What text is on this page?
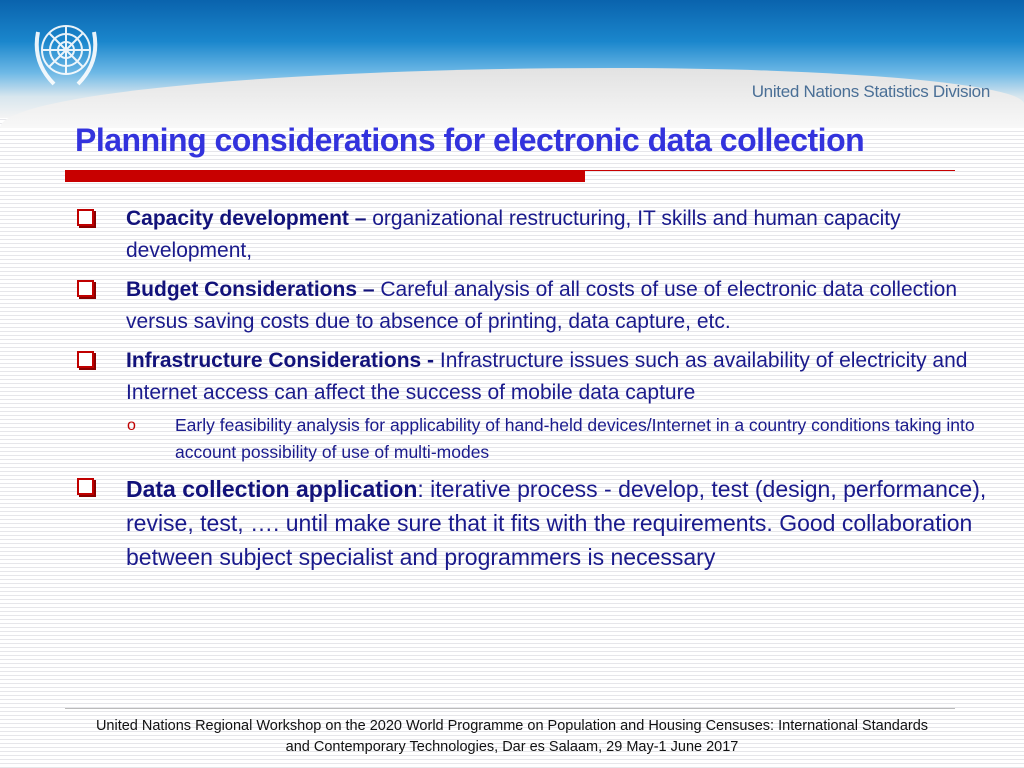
United Nations Statistics Division
Planning considerations for electronic data collection
Capacity development – organizational restructuring, IT skills and human capacity development,
Budget Considerations – Careful analysis of all costs of use of electronic data collection versus saving costs due to absence of printing, data capture, etc.
Infrastructure Considerations - Infrastructure issues such as availability of electricity and Internet access can affect the success of mobile data capture
o Early feasibility analysis for applicability of hand-held devices/Internet in a country conditions taking into account possibility of use of multi-modes
Data collection application: iterative process - develop, test (design, performance), revise, test, …. until make sure that it fits with the requirements. Good collaboration between subject specialist and programmers is necessary
United Nations Regional Workshop on the 2020 World Programme on Population and Housing Censuses: International Standards
and Contemporary Technologies, Dar es Salaam, 29 May-1 June 2017
